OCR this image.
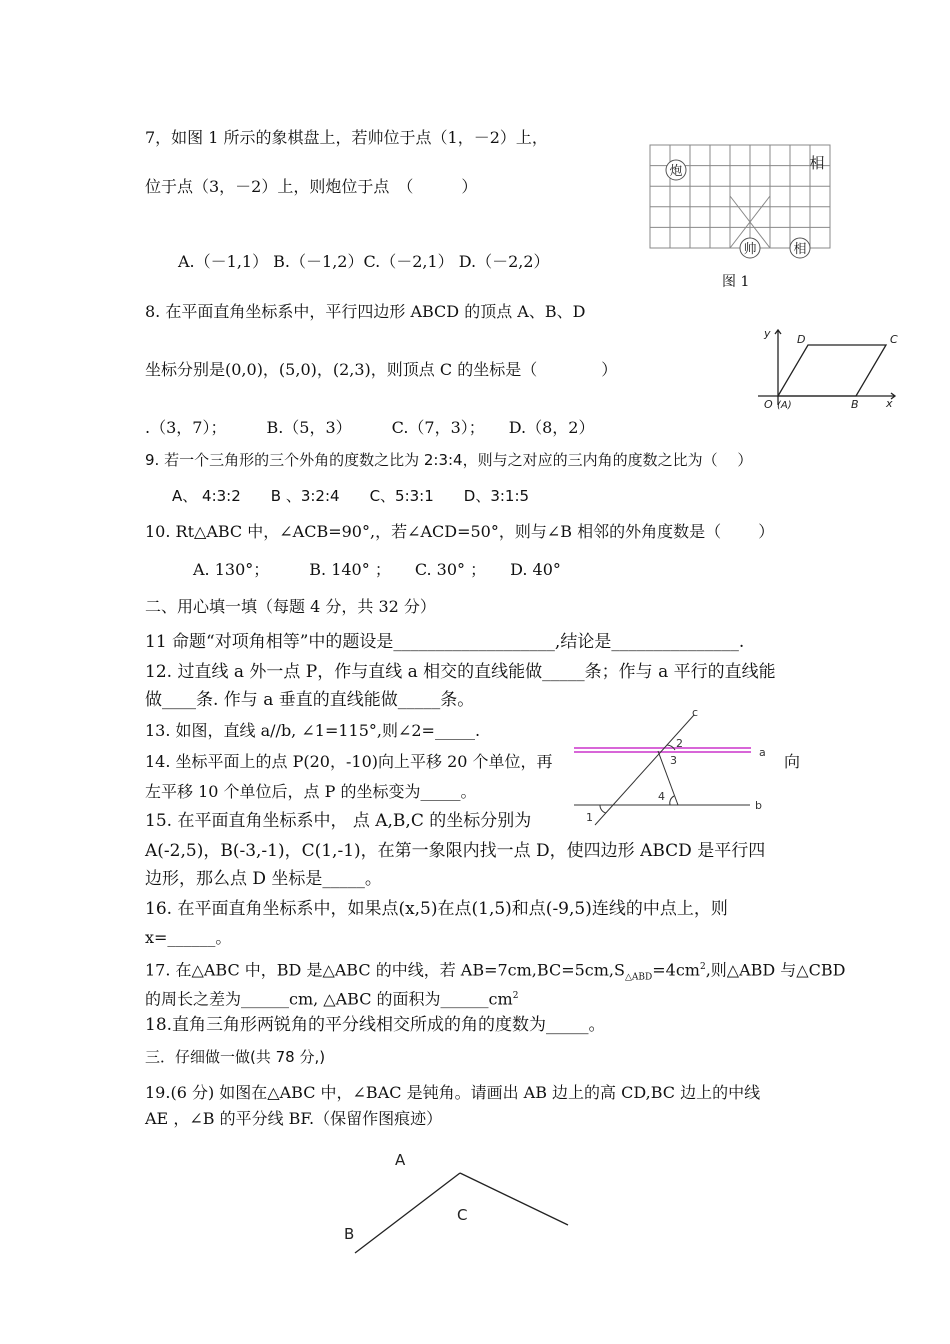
7，如图 1 所示的象棋盘上，若帅位于点（1，－2）上，
位于点（3，－2）上，则炮位于点　（　　　）
A.（－1,1） B.（－1,2）C.（－2,1） D.（－2,2）
炮	相
帅	相
图 1
8. 在平面直角坐标系中，平行四边形 ABCD 的顶点 A、B、D
坐标分别是(0,0)，(5,0)，(2,3)，则顶点 C 的坐标是（　　　　）
.（3，7）；　　　B.（5，3）　　　C.（7，3）；　　D.（8，2）
y
x
D	C
O (A)	B
9. 若一个三角形的三个外角的度数之比为 2:3:4，则与之对应的三内角的度数之比为（　 ）
A、 4:3:2　　B 、3:2:4　　C、5:3:1　　D、3:1:5
10. Rt△ABC 中，∠ACB=90°,，若∠ACD=50°，则与∠B 相邻的外角度数是（　　 ）
A. 130°；　　　B. 140° ；　　C. 30° ；　　D. 40°
二、用心填一填（每题 4 分，共 32 分）
11 命题“对项角相等”中的题设是___________________,结论是_______________.
12. 过直线 a 外一点 P，作与直线 a 相交的直线能做_____条；作与 a 平行的直线能
做____条. 作与 a 垂直的直线能做_____条。
13. 如图，直线 a//b, ∠1=115°,则∠2=_____.
14. 坐标平面上的点 P(20，-10)向上平移 20 个单位，再	向
左平移 10 个单位后，点 P 的坐标变为_____。
c
a
b
1
2
3
4
15. 在平面直角坐标系中， 点 A,B,C 的坐标分别为
A(-2,5)，B(-3,-1)，C(1,-1)，在第一象限内找一点 D，使四边形 ABCD 是平行四
边形，那么点 D 坐标是_____。
16. 在平面直角坐标系中，如果点(x,5)在点(1,5)和点(-9,5)连线的中点上，则
x=______。
17. 在△ABC 中，BD 是△ABC 的中线，若 $AB=7cm,BC=5cm,S_{\triangle ABD}=4cm^2$,则△ABD 与△CBD
的周长之差为______cm, △ABC 的面积为$\_\_\_\_\_\_cm^2$
18.直角三角形两锐角的平分线相交所成的角的度数为_____。
三．仔细做一做(共 78 分,)
19.(6 分) 如图在△ABC 中，∠BAC 是钝角。请画出 AB 边上的高 CD,BC 边上的中线
AE ，∠B 的平分线 BF.（保留作图痕迹）
A
B
C
